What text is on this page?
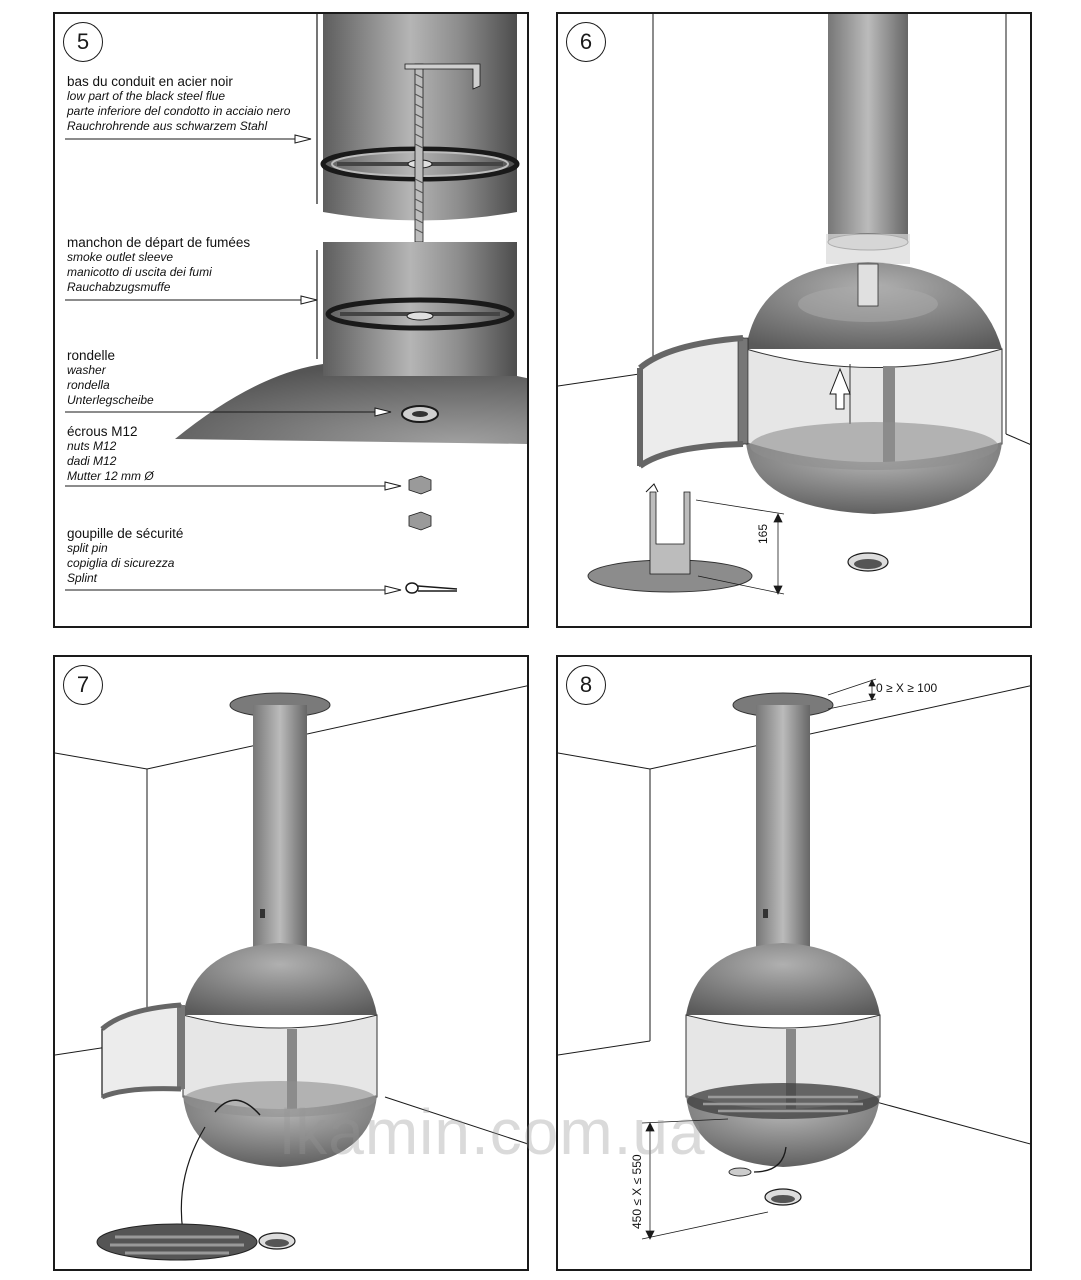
5
bas du conduit en acier noir
low part of the black steel flue
parte inferiore del condotto in acciaio nero
Rauchrohrende aus schwarzem Stahl
manchon de départ de fumées
smoke outlet sleeve
manicotto di uscita dei fumi
Rauchabzugsmuffe
rondelle
washer
rondella
Unterlegscheibe
écrous M12
nuts M12
dadi M12
Mutter 12 mm Ø
goupille de sécurité
split pin
copiglia di sicurezza
Splint
6
165
7	8	0 ≥ X ≥ 100
450 ≤ X ≤ 550
lkamin.com.ua
